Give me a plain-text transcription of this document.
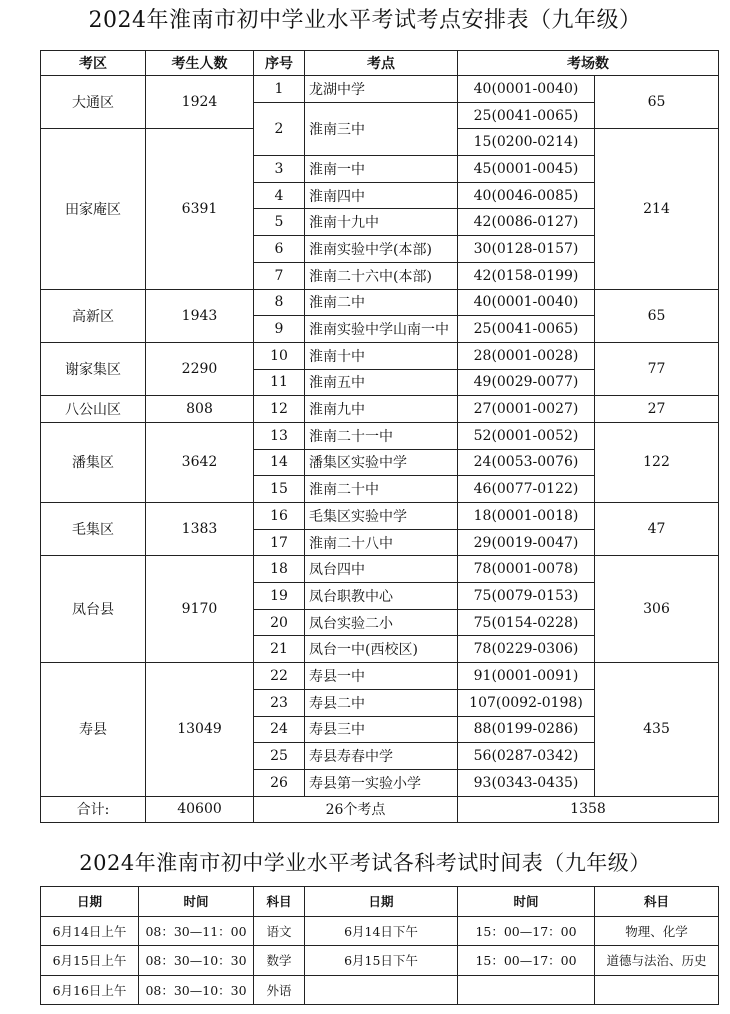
2024年淮南市初中学业水平考试考点安排表（九年级）
考区	考生人数	序号	考点	考场数	
大通区	1924	1	龙湖中学	40(0001-0040)	65
		2	淮南三中	25(0041-0065)	
田家庵区	6391			15(0200-0214)	214
		3	淮南一中	45(0001-0045)	
		4	淮南四中	40(0046-0085)	
		5	淮南十九中	42(0086-0127)	
		6	淮南实验中学(本部)	30(0128-0157)	
		7	淮南二十六中(本部)	42(0158-0199)	
高新区	1943	8	淮南二中	40(0001-0040)	65
		9	淮南实验中学山南一中	25(0041-0065)	
谢家集区	2290	10	淮南十中	28(0001-0028)	77
		11	淮南五中	49(0029-0077)	
八公山区	808	12	淮南九中	27(0001-0027)	27
潘集区	3642	13	淮南二十一中	52(0001-0052)	122
		14	潘集区实验中学	24(0053-0076)	
		15	淮南二十中	46(0077-0122)	
毛集区	1383	16	毛集区实验中学	18(0001-0018)	47
		17	淮南二十八中	29(0019-0047)	
凤台县	9170	18	凤台四中	78(0001-0078)	306
		19	凤台职教中心	75(0079-0153)	
		20	凤台实验二小	75(0154-0228)	
		21	凤台一中(西校区)	78(0229-0306)	
寿县	13049	22	寿县一中	91(0001-0091)	435
		23	寿县二中	107(0092-0198)	
		24	寿县三中	88(0199-0286)	
		25	寿县寿春中学	56(0287-0342)	
		26	寿县第一实验小学	93(0343-0435)	
合计:	40600	26个考点		1358	
2024年淮南市初中学业水平考试各科考试时间表（九年级）
日期	时间	科目	日期	时间	科目
6月14日上午	08：30—11：00	语文	6月14日下午	15：00—17：00	物理、化学
6月15日上午	08：30—10：30	数学	6月15日下午	15：00—17：00	道德与法治、历史
6月16日上午	08：30—10：30	外语			
